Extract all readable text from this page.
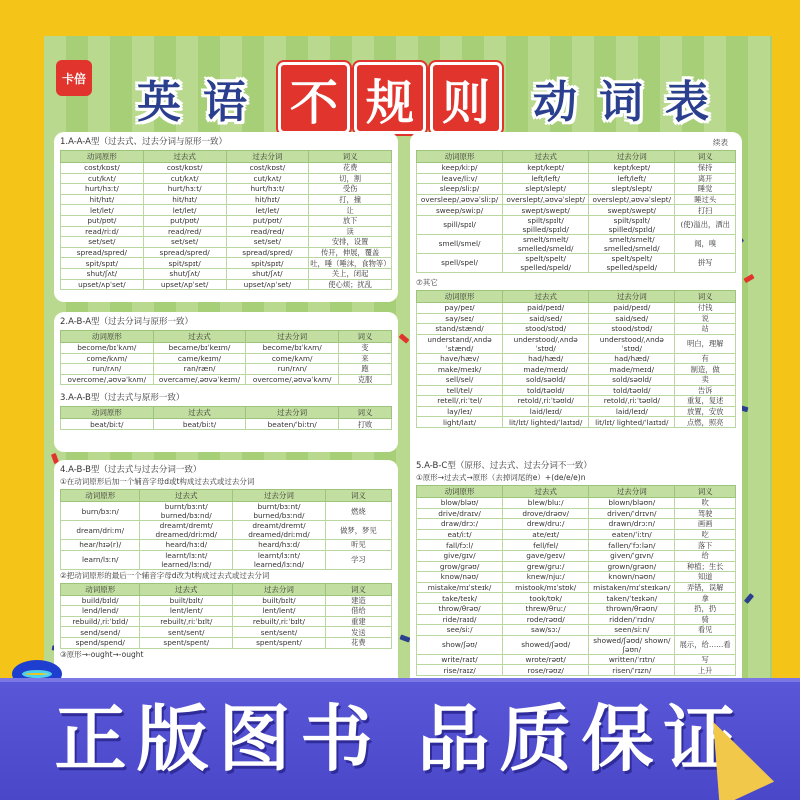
卡倍 英 语 不 规 则 动 词 表
1.A-A-A型（过去式、过去分词与原形一致）
动词原形	过去式	过去分词	词义
cost/kɒst/	cost/kɒst/	cost/kɒst/	花费
cut/kʌt/	cut/kʌt/	cut/kʌt/	切，割
hurt/hɜːt/	hurt/hɜːt/	hurt/hɜːt/	受伤
hit/hɪt/	hit/hɪt/	hit/hɪt/	打，撞
let/let/	let/let/	let/let/	让
put/pʊt/	put/pʊt/	put/pʊt/	放下
read/riːd/	read/red/	read/red/	读
set/set/	set/set/	set/set/	安排，设置
spread/spred/	spread/spred/	spread/spred/	传开，伸展，覆盖
spit/spɪt/	spit/spɪt/	spit/spɪt/	吐，唾（唾沫，食物等）
shut/ʃʌt/	shut/ʃʌt/	shut/ʃʌt/	关上，闭起
upset/ʌpˈset/	upset/ʌpˈset/	upset/ʌpˈset/	使心烦；扰乱
2.A-B-A型（过去分词与原形一致）
动词原形	过去式	过去分词	词义
become/bɪˈkʌm/	became/bɪˈkeɪm/	become/bɪˈkʌm/	变
come/kʌm/	came/keɪm/	come/kʌm/	来
run/rʌn/	ran/ræn/	run/rʌn/	跑
overcome/ˌəʊvəˈkʌm/	overcame/ˌəʊvəˈkeɪm/	overcome/ˌəʊvəˈkʌm/	克服
3.A-A-B型（过去式与原形一致）
动词原形	过去式	过去分词	词义
beat/biːt/	beat/biːt/	beaten/ˈbiːtn/	打败
4.A-B-B型（过去式与过去分词一致）
①在动词原形后加一个辅音字母d或t构成过去式或过去分词
动词原形	过去式	过去分词	词义
burn/bɜːn/	burnt/bɜːnt/ burned/bɜːnd/	burnt/bɜːnt/ burned/bɜːnd/	燃烧
dream/driːm/	dreamt/dremt/ dreamed/driːmd/	dreamt/dremt/ dreamed/driːmd/	做梦，梦见
hear/hɪə(r)/	heard/hɜːd/	heard/hɜːd/	听见
learn/lɜːn/	learnt/lɜːnt/ learned/lɜːnd/	learnt/lɜːnt/ learned/lɜːnd/	学习
②把动词原形的最后一个辅音字母d改为t构成过去式或过去分词
动词原形	过去式	过去分词	词义
build/bɪld/	built/bɪlt/	built/bɪlt/	建造
lend/lend/	lent/lent/	lent/lent/	借给
rebuild/ˌriːˈbɪld/	rebuilt/ˌriːˈbɪlt/	rebuilt/ˌriːˈbɪlt/	重建
send/send/	sent/sent/	sent/sent/	发送
spend/spend/	spent/spent/	spent/spent/	花费
③原形→-ought→-ought
续表
动词原形	过去式	过去分词	词义
keep/kiːp/	kept/kept/	kept/kept/	保持
leave/liːv/	left/left/	left/left/	离开
sleep/sliːp/	slept/slept/	slept/slept/	睡觉
oversleep/ˌəʊvəˈsliːp/	overslept/ˌəʊvəˈslept/	overslept/ˌəʊvəˈslept/	睡过头
sweep/swiːp/	swept/swept/	swept/swept/	打扫
spill/spɪl/	spilt/spɪlt/ spilled/spɪld/	spilt/spɪlt/ spilled/spɪld/	(使)溢出，洒出
smell/smel/	smelt/smelt/ smelled/smeld/	smelt/smelt/ smelled/smeld/	闻，嗅
spell/spel/	spelt/spelt/ spelled/speld/	spelt/spelt/ spelled/speld/	拼写
⑦其它
动词原形	过去式	过去分词	词义
pay/peɪ/	paid/peɪd/	paid/peɪd/	付钱
say/seɪ/	said/sed/	said/sed/	说
stand/stænd/	stood/stʊd/	stood/stʊd/	站
understand/ˌʌndəˈstænd/	understood/ˌʌndəˈstʊd/	understood/ˌʌndəˈstʊd/	明白，理解
have/hæv/	had/hæd/	had/hæd/	有
make/meɪk/	made/meɪd/	made/meɪd/	制造，做
sell/sel/	sold/səʊld/	sold/səʊld/	卖
tell/tel/	told/təʊld/	told/təʊld/	告诉
retell/ˌriːˈtel/	retold/ˌriːˈtəʊld/	retold/ˌriːˈtəʊld/	重复，复述
lay/leɪ/	laid/leɪd/	laid/leɪd/	放置，安放
light/laɪt/	lit/lɪt/ lighted/ˈlaɪtɪd/	lit/lɪt/ lighted/ˈlaɪtɪd/	点燃，照亮
5.A-B-C型（原形、过去式、过去分词不一致）
①原形→过去式→原形（去掉词尾的e）+(de/e/e)n
动词原形	过去式	过去分词	词义
blow/bləʊ/	blew/bluː/	blown/bləʊn/	吹
drive/draɪv/	drove/drəʊv/	driven/ˈdrɪvn/	驾驶
draw/drɔː/	drew/druː/	drawn/drɔːn/	画画
eat/iːt/	ate/eɪt/	eaten/ˈiːtn/	吃
fall/fɔːl/	fell/fel/	fallen/ˈfɔːlən/	落下
give/ɡɪv/	gave/ɡeɪv/	given/ˈɡɪvn/	给
grow/ɡrəʊ/	grew/ɡruː/	grown/ɡrəʊn/	种植；生长
know/nəʊ/	knew/njuː/	known/nəʊn/	知道
mistake/mɪˈsteɪk/	mistook/mɪˈstʊk/	mistaken/mɪˈsteɪkən/	弄错，误解
take/teɪk/	took/tʊk/	taken/ˈteɪkən/	拿
throw/θrəʊ/	threw/θruː/	thrown/θrəʊn/	扔，扔
ride/raɪd/	rode/rəʊd/	ridden/ˈrɪdn/	骑
see/siː/	saw/sɔː/	seen/siːn/	看见
show/ʃəʊ/	showed/ʃəʊd/	showed/ʃəʊd/ shown/ʃəʊn/	展示，给……看
write/raɪt/	wrote/rəʊt/	written/ˈrɪtn/	写
rise/raɪz/	rose/rəʊz/	risen/ˈrɪzn/	上升
正版图书 品质保证
